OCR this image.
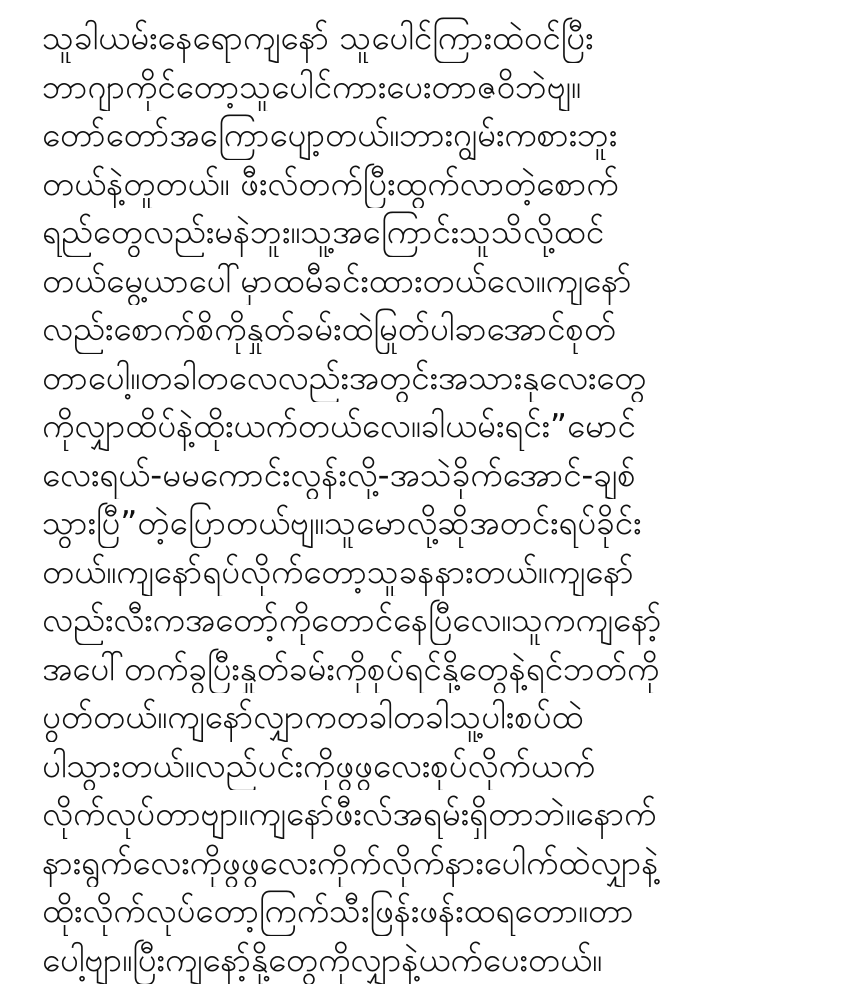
သူခါယမ်းနေရောကျနော် သူပေါင်ကြားထဲဝင်ပြီး
ဘာဂျာကိုင်တော့သူပေါင်ကားပေးတာဇဝိဘဲဗျ။
တော်တော်အကြောပျော့တယ်။ဘားဂျွမ်းကစားဘူး
တယ်နဲ့တူတယ်။ ဖီးလ်တက်ပြီးထွက်လာတဲ့စောက်
ရည်တွေလည်းမနဲဘူး။သူ့အကြောင်းသူသိလို့ထင်
တယ်မွေ့ယာပေါ်မှာထမီခင်းထားတယ်လေ။ကျနော်
လည်းစောက်စိကိုနှုတ်ခမ်းထဲမြုတ်ပါခာအောင်စုတ်
တာပေါ့။တခါတလေလည်းအတွင်းအသားနုလေးတွေ
ကိုလျှာထိပ်နဲ့ထိုးယက်တယ်လေ။ခါယမ်းရင်း”မောင်
လေးရယ်-မမကောင်းလွန်းလို့-အသဲခိုက်အောင်-ချစ်
သွားပြီ”တဲ့ပြောတယ်ဗျ။သူမောလို့ဆိုအတင်းရပ်ခိုင်း
တယ်။ကျနော်ရပ်လိုက်တော့သူခနနားတယ်။ကျနော်
လည်းလီးကအတော့်ကိုတောင်နေပြီလေ။သူကကျနော့်
အပေါ်တက်ခွပြီးနှုတ်ခမ်းကိုစုပ်ရင်နို့တွေနဲ့ရင်ဘတ်ကို
ပွတ်တယ်။ကျနော်လျှာကတခါတခါသူ့ပါးစပ်ထဲ
ပါသွားတယ်။လည်ပင်းကိုဖွဖွလေးစုပ်လိုက်ယက်
လိုက်လုပ်တာဗျာ။ကျနော်ဖီးလ်အရမ်းရှိတာဘဲ။နောက်
နားရွက်လေးကိုဖွဖွလေးကိုက်လိုက်နားပေါက်ထဲလျှာနဲ့
ထိုးလိုက်လုပ်တော့ကြက်သီးဖြန်းဖန်းထရတော။တာ
ပေါ့ဗျာ။ပြီးကျနော့်နို့တွေကိုလျှာနဲ့ယက်ပေးတယ်။
